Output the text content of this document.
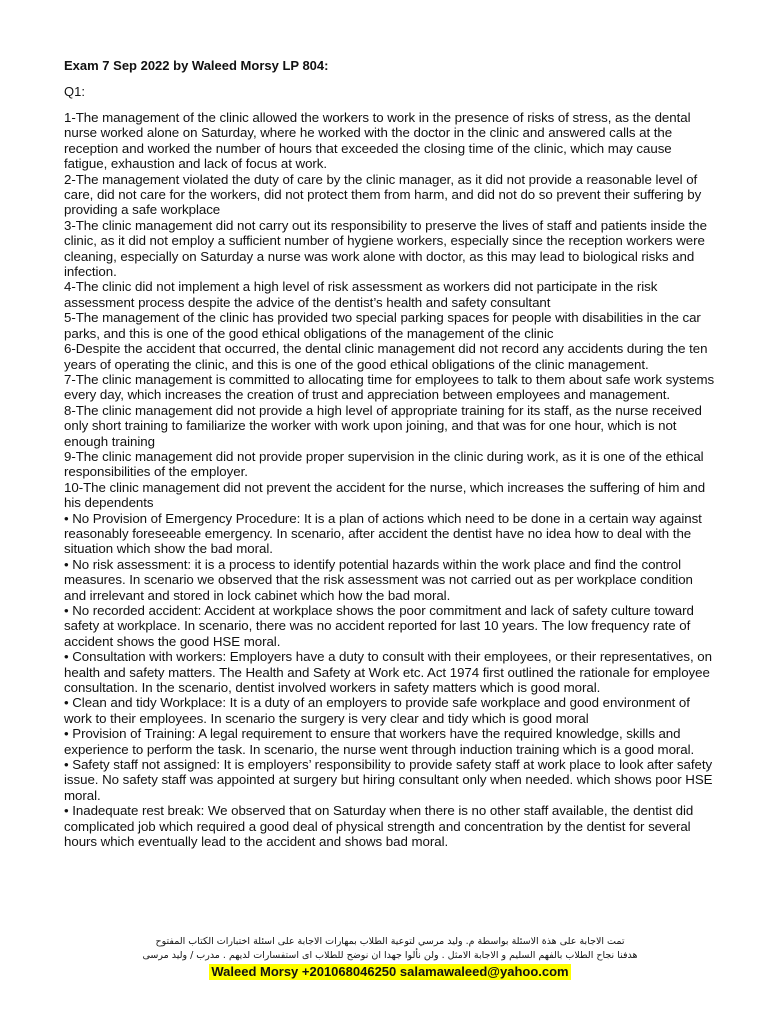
Exam 7 Sep 2022 by Waleed Morsy LP 804:
Q1:

1-The management of the clinic allowed the workers to work in the presence of risks of stress, as the dental nurse worked alone on Saturday, where he worked with the doctor in the clinic and answered calls at the reception and worked the number of hours that exceeded the closing time of the clinic, which may cause fatigue, exhaustion and lack of focus at work.

2-The management violated the duty of care by the clinic manager, as it did not provide a reasonable level of care, did not care for the workers, did not protect them from harm, and did not do so prevent their suffering by providing a safe workplace

3-The clinic management did not carry out its responsibility to preserve the lives of staff and patients inside the clinic, as it did not employ a sufficient number of hygiene workers, especially since the reception workers were cleaning, especially on Saturday a nurse was work alone with doctor, as this may lead to biological risks and infection.

4-The clinic did not implement a high level of risk assessment as workers did not participate in the risk assessment process despite the advice of the dentist’s health and safety consultant

5-The management of the clinic has provided two special parking spaces for people with disabilities in the car parks, and this is one of the good ethical obligations of the management of the clinic

6-Despite the accident that occurred, the dental clinic management did not record any accidents during the ten years of operating the clinic, and this is one of the good ethical obligations of the clinic management.

7-The clinic management is committed to allocating time for employees to talk to them about safe work systems every day, which increases the creation of trust and appreciation between employees and management.

8-The clinic management did not provide a high level of appropriate training for its staff, as the nurse received only short training to familiarize the worker with work upon joining, and that was for one hour, which is not enough training

9-The clinic management did not provide proper supervision in the clinic during work, as it is one of the ethical responsibilities of the employer.

10-The clinic management did not prevent the accident for the nurse, which increases the suffering of him and his dependents

• No Provision of Emergency Procedure: It is a plan of actions which need to be done in a certain way against reasonably foreseeable emergency. In scenario, after accident the dentist have no idea how to deal with the situation which show the bad moral.

• No risk assessment: it is a process to identify potential hazards within the work place and find the control measures. In scenario we observed that the risk assessment was not carried out as per workplace condition and irrelevant and stored in lock cabinet which how the bad moral.

• No recorded accident: Accident at workplace shows the poor commitment and lack of safety culture toward safety at workplace. In scenario, there was no accident reported for last 10 years. The low frequency rate of accident shows the good HSE moral.

• Consultation with workers: Employers have a duty to consult with their employees, or their representatives, on health and safety matters. The Health and Safety at Work etc. Act 1974 first outlined the rationale for employee consultation. In the scenario, dentist involved workers in safety matters which is good moral.

• Clean and tidy Workplace: It is a duty of an employers to provide safe workplace and good environment of work to their employees. In scenario the surgery is very clear and tidy which is good moral

• Provision of Training: A legal requirement to ensure that workers have the required knowledge, skills and experience to perform the task. In scenario, the nurse went through induction training which is a good moral.

• Safety staff not assigned: It is employers’ responsibility to provide safety staff at work place to look after safety issue. No safety staff was appointed at surgery but hiring consultant only when needed. which shows poor HSE moral.

• Inadequate rest break: We observed that on Saturday when there is no other staff available, the dentist did complicated job which required a good deal of physical strength and concentration by the dentist for several hours which eventually lead to the accident and shows bad moral.

تمت الاجابة على هذة الاسئلة بواسطة م. وليد مرسي لتوعية الطلاب بمهارات الاجابة على اسئلة اختبارات الكتاب المفتوح
هدفنا نجاح الطلاب بالفهم السليم و الاجابة الامثل . ولن نألوا جهدا ان نوضح للطلاب اى استفسارات لديهم . مدرب / وليد مرسى
Waleed Morsy +201068046250 salamawaleed@yahoo.com
